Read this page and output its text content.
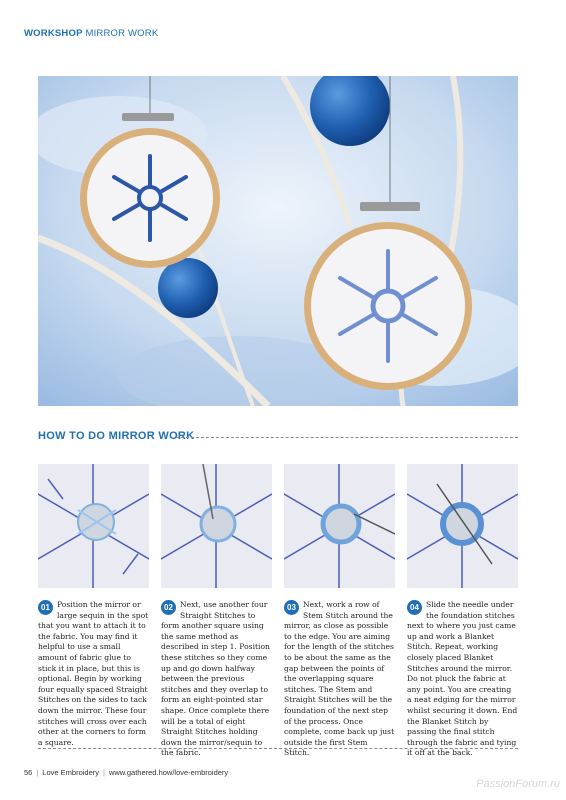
WORKSHOP MIRROR WORK
HOW TO DO MIRROR WORK
01 Position the mirror or large sequin in the spot that you want to attach it to the fabric. You may find it helpful to use a small amount of fabric glue to stick it in place, but this is optional. Begin by working four equally spaced Straight Stitches on the sides to tack down the mirror. These four stitches will cross over each other at the corners to form a square.
02 Next, use another four Straight Stitches to form another square using the same method as described in step 1. Position these stitches so they come up and go down halfway between the previous stitches and they overlap to form an eight-pointed star shape. Once complete there will be a total of eight Straight Stitches holding down the mirror/sequin to the fabric.
03 Next, work a row of Stem Stitch around the mirror, as close as possible to the edge. You are aiming for the length of the stitches to be about the same as the gap between the points of the overlapping square stitches. The Stem and Straight Stitches will be the foundation of the next step of the process. Once complete, come back up just outside the first Stem Stitch.
04 Slide the needle under the foundation stitches next to where you just came up and work a Blanket Stitch. Repeat, working closely placed Blanket Stitches around the mirror. Do not pluck the fabric at any point. You are creating a neat edging for the mirror whilst securing it down. End the Blanket Stitch by passing the final stitch through the fabric and tying it off at the back.
56 | Love Embroidery | www.gathered.how/love-embroidery
PassionForum.ru
